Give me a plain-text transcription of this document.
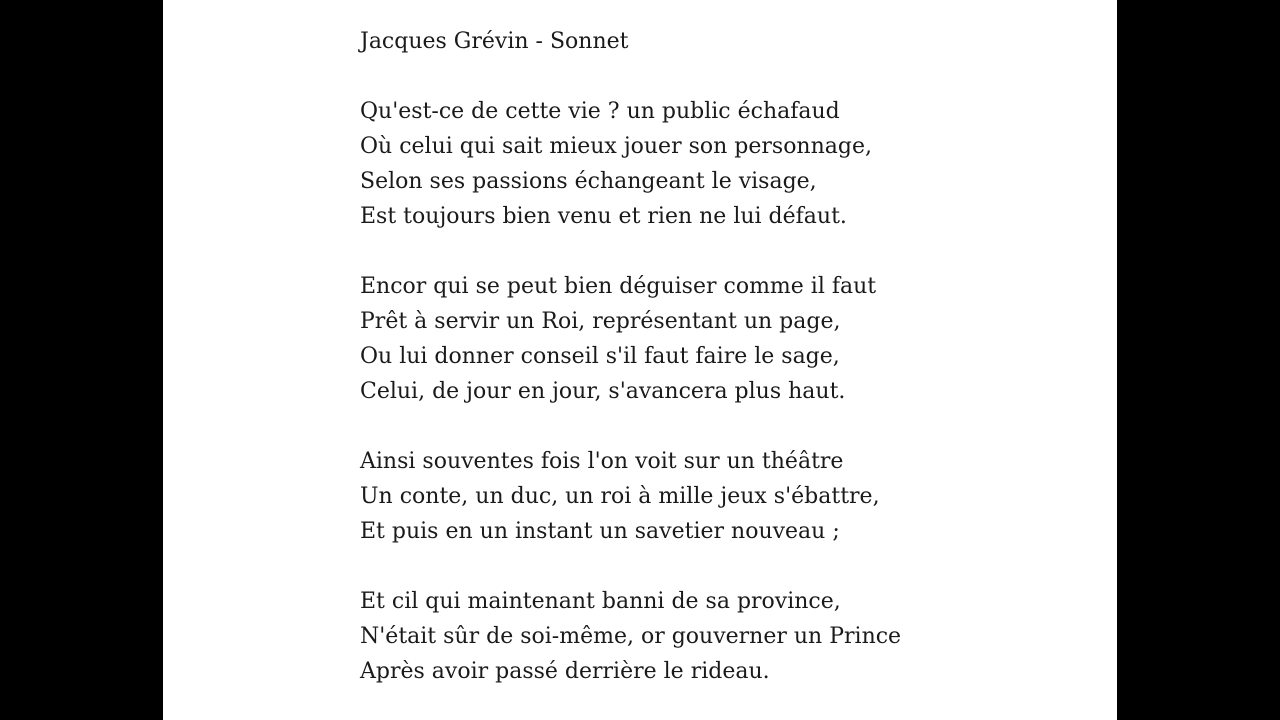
Jacques Grévin - Sonnet
Qu'est-ce de cette vie ? un public échafaud
Où celui qui sait mieux jouer son personnage,
Selon ses passions échangeant le visage,
Est toujours bien venu et rien ne lui défaut.
Encor qui se peut bien déguiser comme il faut
Prêt à servir un Roi, représentant un page,
Ou lui donner conseil s'il faut faire le sage,
Celui, de jour en jour, s'avancera plus haut.
Ainsi souventes fois l'on voit sur un théâtre
Un conte, un duc, un roi à mille jeux s'ébattre,
Et puis en un instant un savetier nouveau ;
Et cil qui maintenant banni de sa province,
N'était sûr de soi-même, or gouverner un Prince
Après avoir passé derrière le rideau.
